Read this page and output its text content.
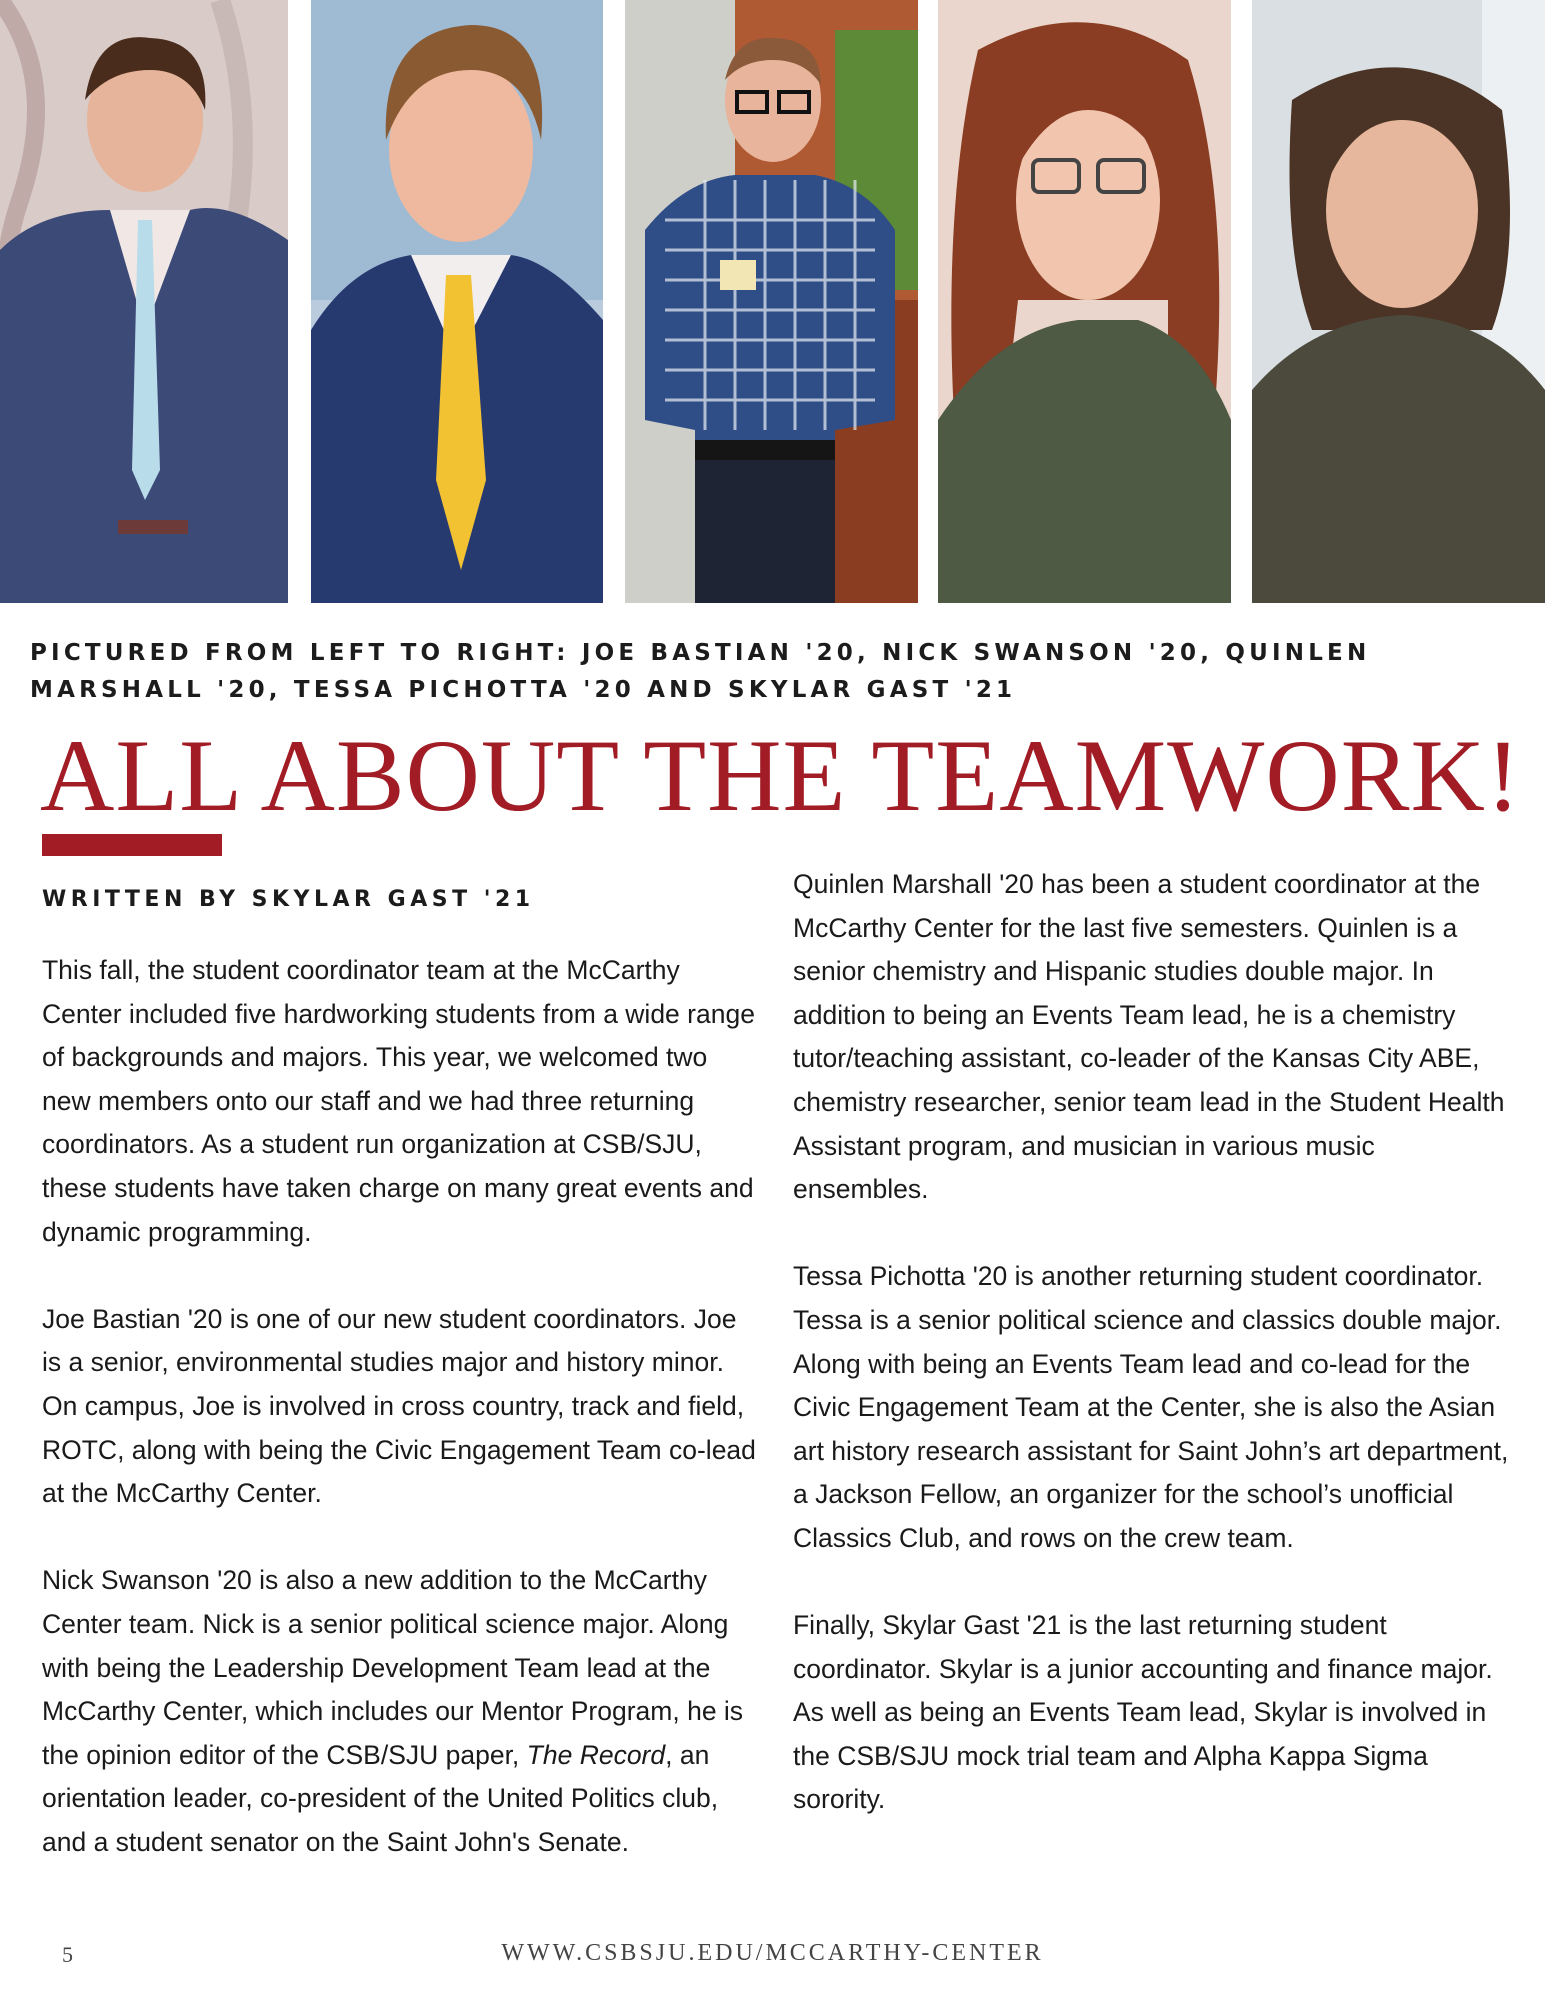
PICTURED FROM LEFT TO RIGHT: JOE BASTIAN '20, NICK SWANSON '20, QUINLEN MARSHALL '20, TESSA PICHOTTA '20 AND SKYLAR GAST '21

ALL ABOUT THE TEAMWORK!

WRITTEN BY SKYLAR GAST '21

This fall, the student coordinator team at the McCarthy Center included five hardworking students from a wide range of backgrounds and majors. This year, we welcomed two new members onto our staff and we had three returning coordinators. As a student run organization at CSB/SJU, these students have taken charge on many great events and dynamic programming.

Joe Bastian '20 is one of our new student coordinators. Joe is a senior, environmental studies major and history minor. On campus, Joe is involved in cross country, track and field, ROTC, along with being the Civic Engagement Team co-lead at the McCarthy Center.

Nick Swanson '20 is also a new addition to the McCarthy Center team. Nick is a senior political science major. Along with being the Leadership Development Team lead at the McCarthy Center, which includes our Mentor Program, he is the opinion editor of the CSB/SJU paper, The Record, an orientation leader, co-president of the United Politics club, and a student senator on the Saint John's Senate.

Quinlen Marshall '20 has been a student coordinator at the McCarthy Center for the last five semesters. Quinlen is a senior chemistry and Hispanic studies double major. In addition to being an Events Team lead, he is a chemistry tutor/teaching assistant, co-leader of the Kansas City ABE, chemistry researcher, senior team lead in the Student Health Assistant program, and musician in various music ensembles.

Tessa Pichotta '20 is another returning student coordinator. Tessa is a senior political science and classics double major. Along with being an Events Team lead and co-lead for the Civic Engagement Team at the Center, she is also the Asian art history research assistant for Saint John’s art department, a Jackson Fellow, an organizer for the school’s unofficial Classics Club, and rows on the crew team.

Finally, Skylar Gast '21 is the last returning student coordinator. Skylar is a junior accounting and finance major. As well as being an Events Team lead, Skylar is involved in the CSB/SJU mock trial team and Alpha Kappa Sigma sorority.

5	WWW.CSBSJU.EDU/MCCARTHY-CENTER
